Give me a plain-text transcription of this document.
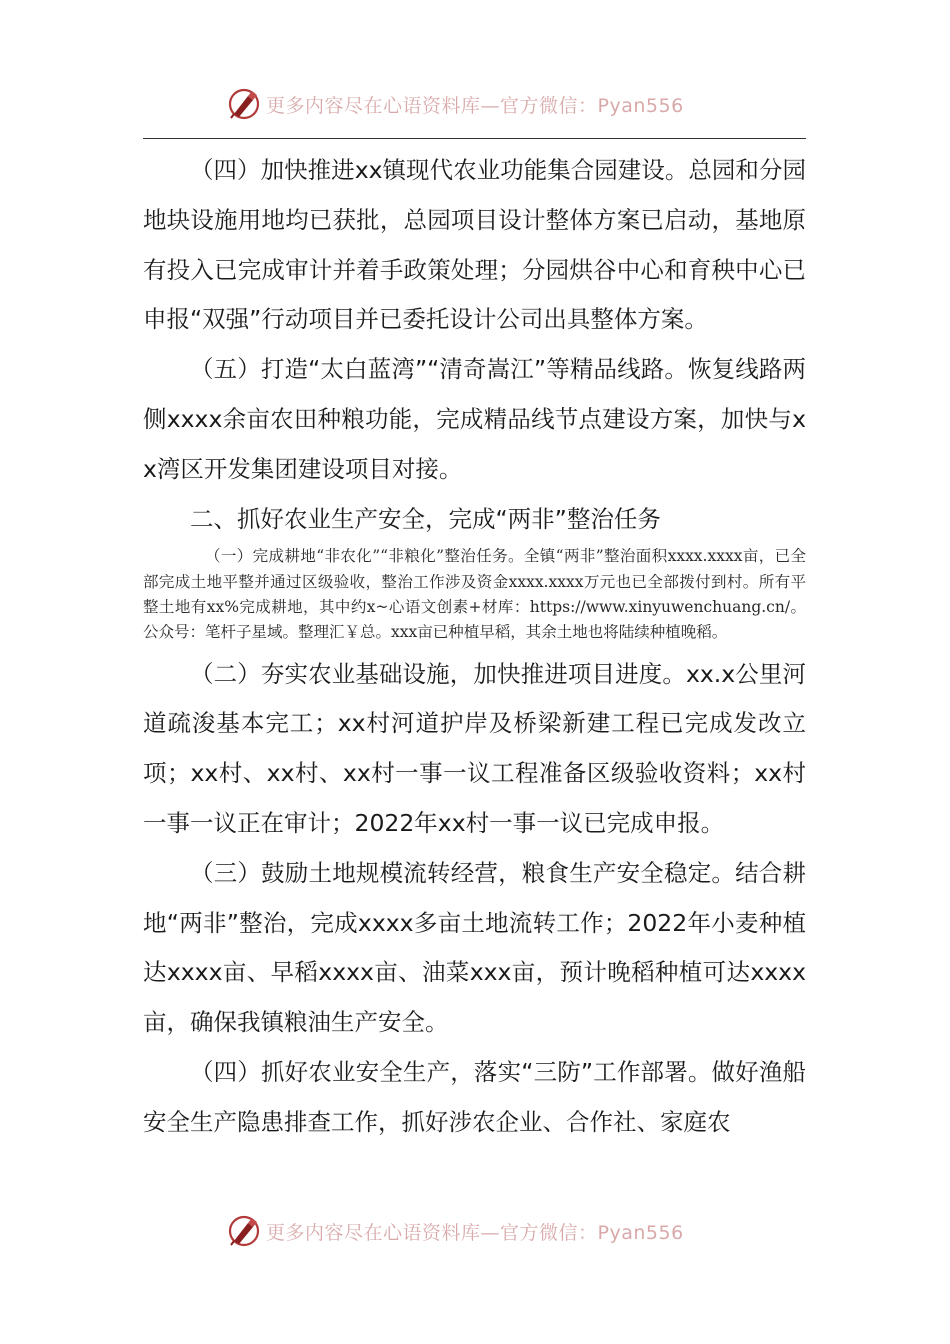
更多内容尽在心语资料库—官方微信：Pyan556

（四）加快推进xx镇现代农业功能集合园建设。总园和分园地块设施用地均已获批，总园项目设计整体方案已启动，基地原有投入已完成审计并着手政策处理；分园烘谷中心和育秧中心已申报“双强”行动项目并已委托设计公司出具整体方案。

（五）打造“太白蓝湾”“清奇嵩江”等精品线路。恢复线路两侧xxxx余亩农田种粮功能，完成精品线节点建设方案，加快与xx湾区开发集团建设项目对接。

二、抓好农业生产安全，完成“两非”整治任务

（一）完成耕地“非农化”“非粮化”整治任务。全镇“两非”整治面积xxxx.xxxx亩，已全部完成土地平整并通过区级验收，整治工作涉及资金xxxx.xxxx万元也已全部拨付到村。所有平整土地有xx%完成耕地，其中约x~心语文创素+材库：https://www.xinyuwenchuang.cn/。公众号：笔杆子星域。整理汇￥总。xxx亩已种植早稻，其余土地也将陆续种植晚稻。

（二）夯实农业基础设施，加快推进项目进度。xx.x公里河道疏浚基本完工；xx村河道护岸及桥梁新建工程已完成发改立项；xx村、xx村、xx村一事一议工程准备区级验收资料；xx村一事一议正在审计；2022年xx村一事一议已完成申报。

（三）鼓励土地规模流转经营，粮食生产安全稳定。结合耕地“两非”整治，完成xxxx多亩土地流转工作；2022年小麦种植达xxxx亩、早稻xxxx亩、油菜xxx亩，预计晚稻种植可达xxxx亩，确保我镇粮油生产安全。

（四）抓好农业安全生产，落实“三防”工作部署。做好渔船安全生产隐患排查工作，抓好涉农企业、合作社、家庭农

更多内容尽在心语资料库—官方微信：Pyan556
